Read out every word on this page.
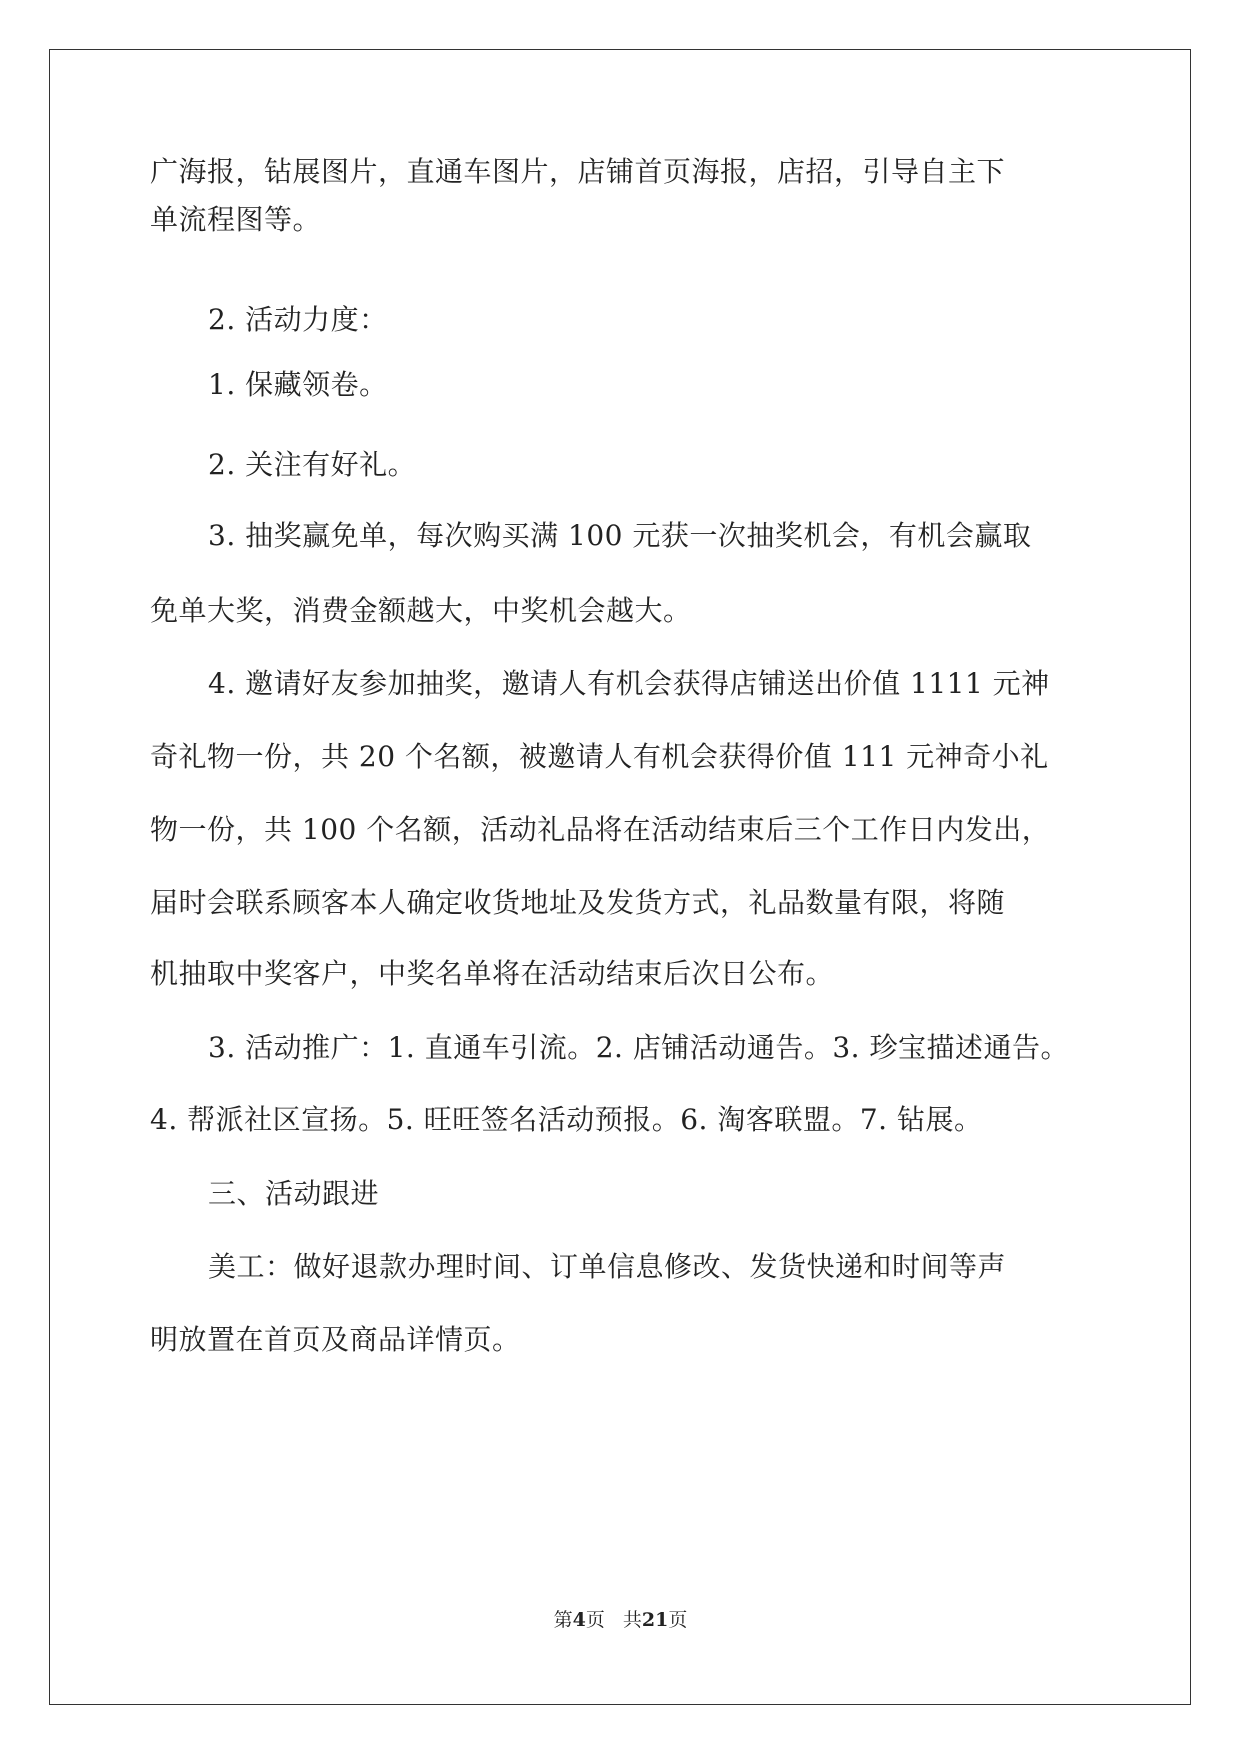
广海报，钻展图片，直通车图片，店铺首页海报，店招，引导自主下
单流程图等。
2. 活动力度：
1. 保藏领卷。
2. 关注有好礼。
3. 抽奖赢免单，每次购买满 100 元获一次抽奖机会，有机会赢取
免单大奖，消费金额越大，中奖机会越大。
4. 邀请好友参加抽奖，邀请人有机会获得店铺送出价值 1111 元神
奇礼物一份，共 20 个名额，被邀请人有机会获得价值 111 元神奇小礼
物一份，共 100 个名额，活动礼品将在活动结束后三个工作日内发出，
届时会联系顾客本人确定收货地址及发货方式，礼品数量有限，将随
机抽取中奖客户，中奖名单将在活动结束后次日公布。
3. 活动推广：1. 直通车引流。2. 店铺活动通告。3. 珍宝描述通告。
4. 帮派社区宣扬。5. 旺旺签名活动预报。6. 淘客联盟。7. 钻展。
三、活动跟进
美工：做好退款办理时间、订单信息修改、发货快递和时间等声
明放置在首页及商品详情页。
第4页 共21页
